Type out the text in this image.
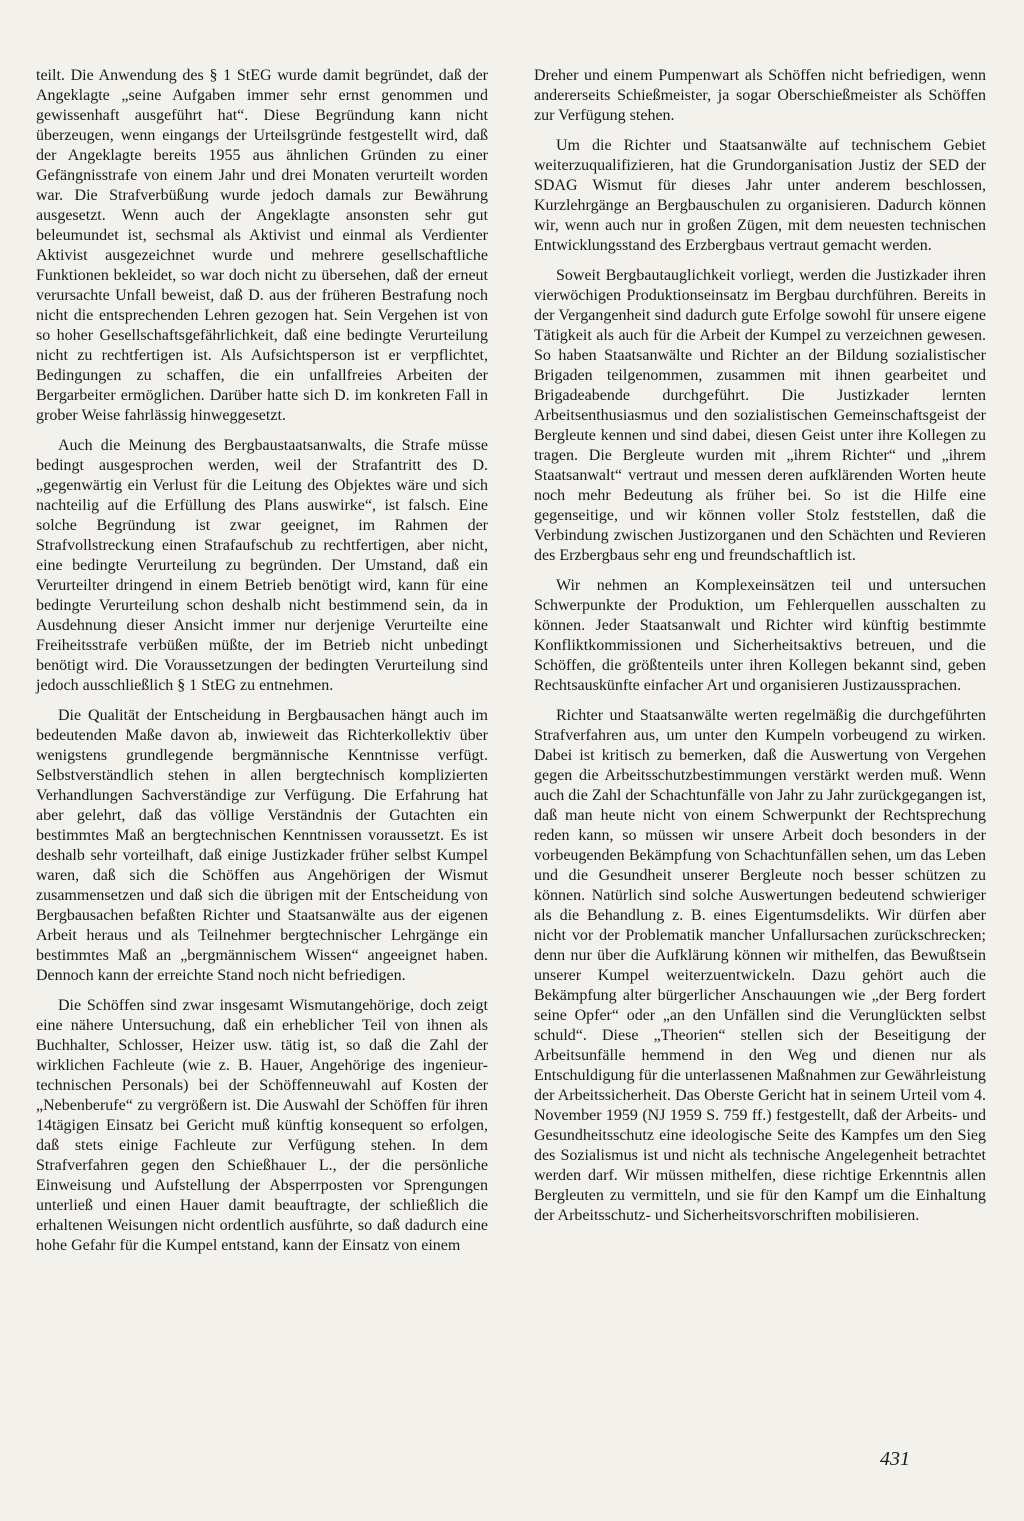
teilt. Die Anwendung des § 1 StEG wurde damit begründet, daß der Angeklagte „seine Aufgaben immer sehr ernst genommen und gewissenhaft ausgeführt hat“. Diese Begründung kann nicht überzeugen, wenn eingangs der Urteilsgründe festgestellt wird, daß der Angeklagte bereits 1955 aus ähnlichen Gründen zu einer Gefängnisstrafe von einem Jahr und drei Monaten verurteilt worden war. Die Strafverbüßung wurde jedoch damals zur Bewährung ausgesetzt. Wenn auch der Angeklagte ansonsten sehr gut beleumundet ist, sechsmal als Aktivist und einmal als Verdienter Aktivist ausgezeichnet wurde und mehrere gesellschaftliche Funktionen bekleidet, so war doch nicht zu übersehen, daß der erneut verursachte Unfall beweist, daß D. aus der früheren Bestrafung noch nicht die entsprechenden Lehren gezogen hat. Sein Vergehen ist von so hoher Gesellschaftsgefährlichkeit, daß eine bedingte Verurteilung nicht zu rechtfertigen ist. Als Aufsichtsperson ist er verpflichtet, Bedingungen zu schaffen, die ein unfallfreies Arbeiten der Bergarbeiter ermöglichen. Darüber hatte sich D. im konkreten Fall in grober Weise fahrlässig hinweggesetzt.

Auch die Meinung des Bergbaustaatsanwalts, die Strafe müsse bedingt ausgesprochen werden, weil der Strafantritt des D. „gegenwärtig ein Verlust für die Leitung des Objektes wäre und sich nachteilig auf die Erfüllung des Plans auswirke“, ist falsch. Eine solche Begründung ist zwar geeignet, im Rahmen der Strafvollstreckung einen Strafaufschub zu rechtfertigen, aber nicht, eine bedingte Verurteilung zu begründen. Der Umstand, daß ein Verurteilter dringend in einem Betrieb benötigt wird, kann für eine bedingte Verurteilung schon deshalb nicht bestimmend sein, da in Ausdehnung dieser Ansicht immer nur derjenige Verurteilte eine Freiheitsstrafe verbüßen müßte, der im Betrieb nicht unbedingt benötigt wird. Die Voraussetzungen der bedingten Verurteilung sind jedoch ausschließlich § 1 StEG zu entnehmen.

Die Qualität der Entscheidung in Bergbausachen hängt auch im bedeutenden Maße davon ab, inwieweit das Richterkollektiv über wenigstens grundlegende bergmännische Kenntnisse verfügt. Selbstverständlich stehen in allen bergtechnisch komplizierten Verhandlungen Sachverständige zur Verfügung. Die Erfahrung hat aber gelehrt, daß das völlige Verständnis der Gutachten ein bestimmtes Maß an bergtechnischen Kenntnissen voraussetzt. Es ist deshalb sehr vorteilhaft, daß einige Justizkader früher selbst Kumpel waren, daß sich die Schöffen aus Angehörigen der Wismut zusammensetzen und daß sich die übrigen mit der Entscheidung von Bergbausachen befaßten Richter und Staatsanwälte aus der eigenen Arbeit heraus und als Teilnehmer bergtechnischer Lehrgänge ein bestimmtes Maß an „bergmännischem Wissen“ angeeignet haben. Dennoch kann der erreichte Stand noch nicht befriedigen.

Die Schöffen sind zwar insgesamt Wismutangehörige, doch zeigt eine nähere Untersuchung, daß ein erheblicher Teil von ihnen als Buchhalter, Schlosser, Heizer usw. tätig ist, so daß die Zahl der wirklichen Fachleute (wie z. B. Hauer, Angehörige des ingenieur-technischen Personals) bei der Schöffenneuwahl auf Kosten der „Nebenberufe“ zu vergrößern ist. Die Auswahl der Schöffen für ihren 14tägigen Einsatz bei Gericht muß künftig konsequent so erfolgen, daß stets einige Fachleute zur Verfügung stehen. In dem Strafverfahren gegen den Schießhauer L., der die persönliche Einweisung und Aufstellung der Absperrposten vor Sprengungen unterließ und einen Hauer damit beauftragte, der schließlich die erhaltenen Weisungen nicht ordentlich ausführte, so daß dadurch eine hohe Gefahr für die Kumpel entstand, kann der Einsatz von einem

Dreher und einem Pumpenwart als Schöffen nicht befriedigen, wenn andererseits Schießmeister, ja sogar Oberschießmeister als Schöffen zur Verfügung stehen.

Um die Richter und Staatsanwälte auf technischem Gebiet weiterzuqualifizieren, hat die Grundorganisation Justiz der SED der SDAG Wismut für dieses Jahr unter anderem beschlossen, Kurzlehrgänge an Bergbauschulen zu organisieren. Dadurch können wir, wenn auch nur in großen Zügen, mit dem neuesten technischen Entwicklungsstand des Erzbergbaus vertraut gemacht werden.

Soweit Bergbautauglichkeit vorliegt, werden die Justizkader ihren vierwöchigen Produktionseinsatz im Bergbau durchführen. Bereits in der Vergangenheit sind dadurch gute Erfolge sowohl für unsere eigene Tätigkeit als auch für die Arbeit der Kumpel zu verzeichnen gewesen. So haben Staatsanwälte und Richter an der Bildung sozialistischer Brigaden teilgenommen, zusammen mit ihnen gearbeitet und Brigadeabende durchgeführt. Die Justizkader lernten Arbeitsenthusiasmus und den sozialistischen Gemeinschaftsgeist der Bergleute kennen und sind dabei, diesen Geist unter ihre Kollegen zu tragen. Die Bergleute wurden mit „ihrem Richter“ und „ihrem Staatsanwalt“ vertraut und messen deren aufklärenden Worten heute noch mehr Bedeutung als früher bei. So ist die Hilfe eine gegenseitige, und wir können voller Stolz feststellen, daß die Verbindung zwischen Justizorganen und den Schächten und Revieren des Erzbergbaus sehr eng und freundschaftlich ist.

Wir nehmen an Komplexeinsätzen teil und untersuchen Schwerpunkte der Produktion, um Fehlerquellen ausschalten zu können. Jeder Staatsanwalt und Richter wird künftig bestimmte Konfliktkommissionen und Sicherheitsaktivs betreuen, und die Schöffen, die größtenteils unter ihren Kollegen bekannt sind, geben Rechtsauskünfte einfacher Art und organisieren Justizaussprachen.

Richter und Staatsanwälte werten regelmäßig die durchgeführten Strafverfahren aus, um unter den Kumpeln vorbeugend zu wirken. Dabei ist kritisch zu bemerken, daß die Auswertung von Vergehen gegen die Arbeitsschutzbestimmungen verstärkt werden muß. Wenn auch die Zahl der Schachtunfälle von Jahr zu Jahr zurückgegangen ist, daß man heute nicht von einem Schwerpunkt der Rechtsprechung reden kann, so müssen wir unsere Arbeit doch besonders in der vorbeugenden Bekämpfung von Schachtunfällen sehen, um das Leben und die Gesundheit unserer Bergleute noch besser schützen zu können. Natürlich sind solche Auswertungen bedeutend schwieriger als die Behandlung z. B. eines Eigentumsdelikts. Wir dürfen aber nicht vor der Problematik mancher Unfallursachen zurückschrecken; denn nur über die Aufklärung können wir mithelfen, das Bewußtsein unserer Kumpel weiterzuentwickeln. Dazu gehört auch die Bekämpfung alter bürgerlicher Anschauungen wie „der Berg fordert seine Opfer“ oder „an den Unfällen sind die Verunglückten selbst schuld“. Diese „Theorien“ stellen sich der Beseitigung der Arbeitsunfälle hemmend in den Weg und dienen nur als Entschuldigung für die unterlassenen Maßnahmen zur Gewährleistung der Arbeitssicherheit. Das Oberste Gericht hat in seinem Urteil vom 4. November 1959 (NJ 1959 S. 759 ff.) festgestellt, daß der Arbeits- und Gesundheitsschutz eine ideologische Seite des Kampfes um den Sieg des Sozialismus ist und nicht als technische Angelegenheit betrachtet werden darf. Wir müssen mithelfen, diese richtige Erkenntnis allen Bergleuten zu vermitteln, und sie für den Kampf um die Einhaltung der Arbeitsschutz- und Sicherheitsvorschriften mobilisieren.

431
